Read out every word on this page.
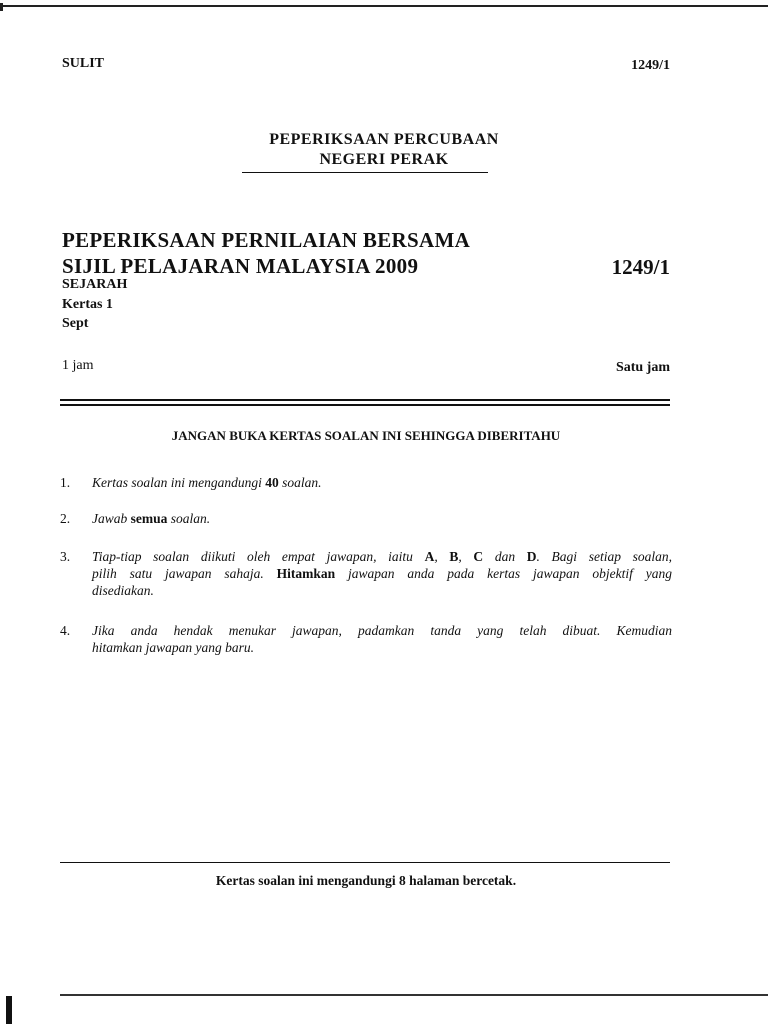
SULIT	1249/1
PEPERIKSAAN PERCUBAAN
NEGERI PERAK
PEPERIKSAAN PERNILAIAN BERSAMA
SIJIL PELAJARAN MALAYSIA 2009	1249/1
SEJARAH
Kertas 1
Sept
1 jam	Satu jam
JANGAN BUKA KERTAS SOALAN INI SEHINGGA DIBERITAHU
1. Kertas soalan ini mengandungi 40 soalan.
2. Jawab semua soalan.
3. Tiap-tiap soalan diikuti oleh empat jawapan, iaitu A, B, C dan D. Bagi setiap soalan,
pilih satu jawapan sahaja. Hitamkan jawapan anda pada kertas jawapan objektif yang
disediakan.
4. Jika anda hendak menukar jawapan, padamkan tanda yang telah dibuat. Kemudian
hitamkan jawapan yang baru.
Kertas soalan ini mengandungi 8 halaman bercetak.
